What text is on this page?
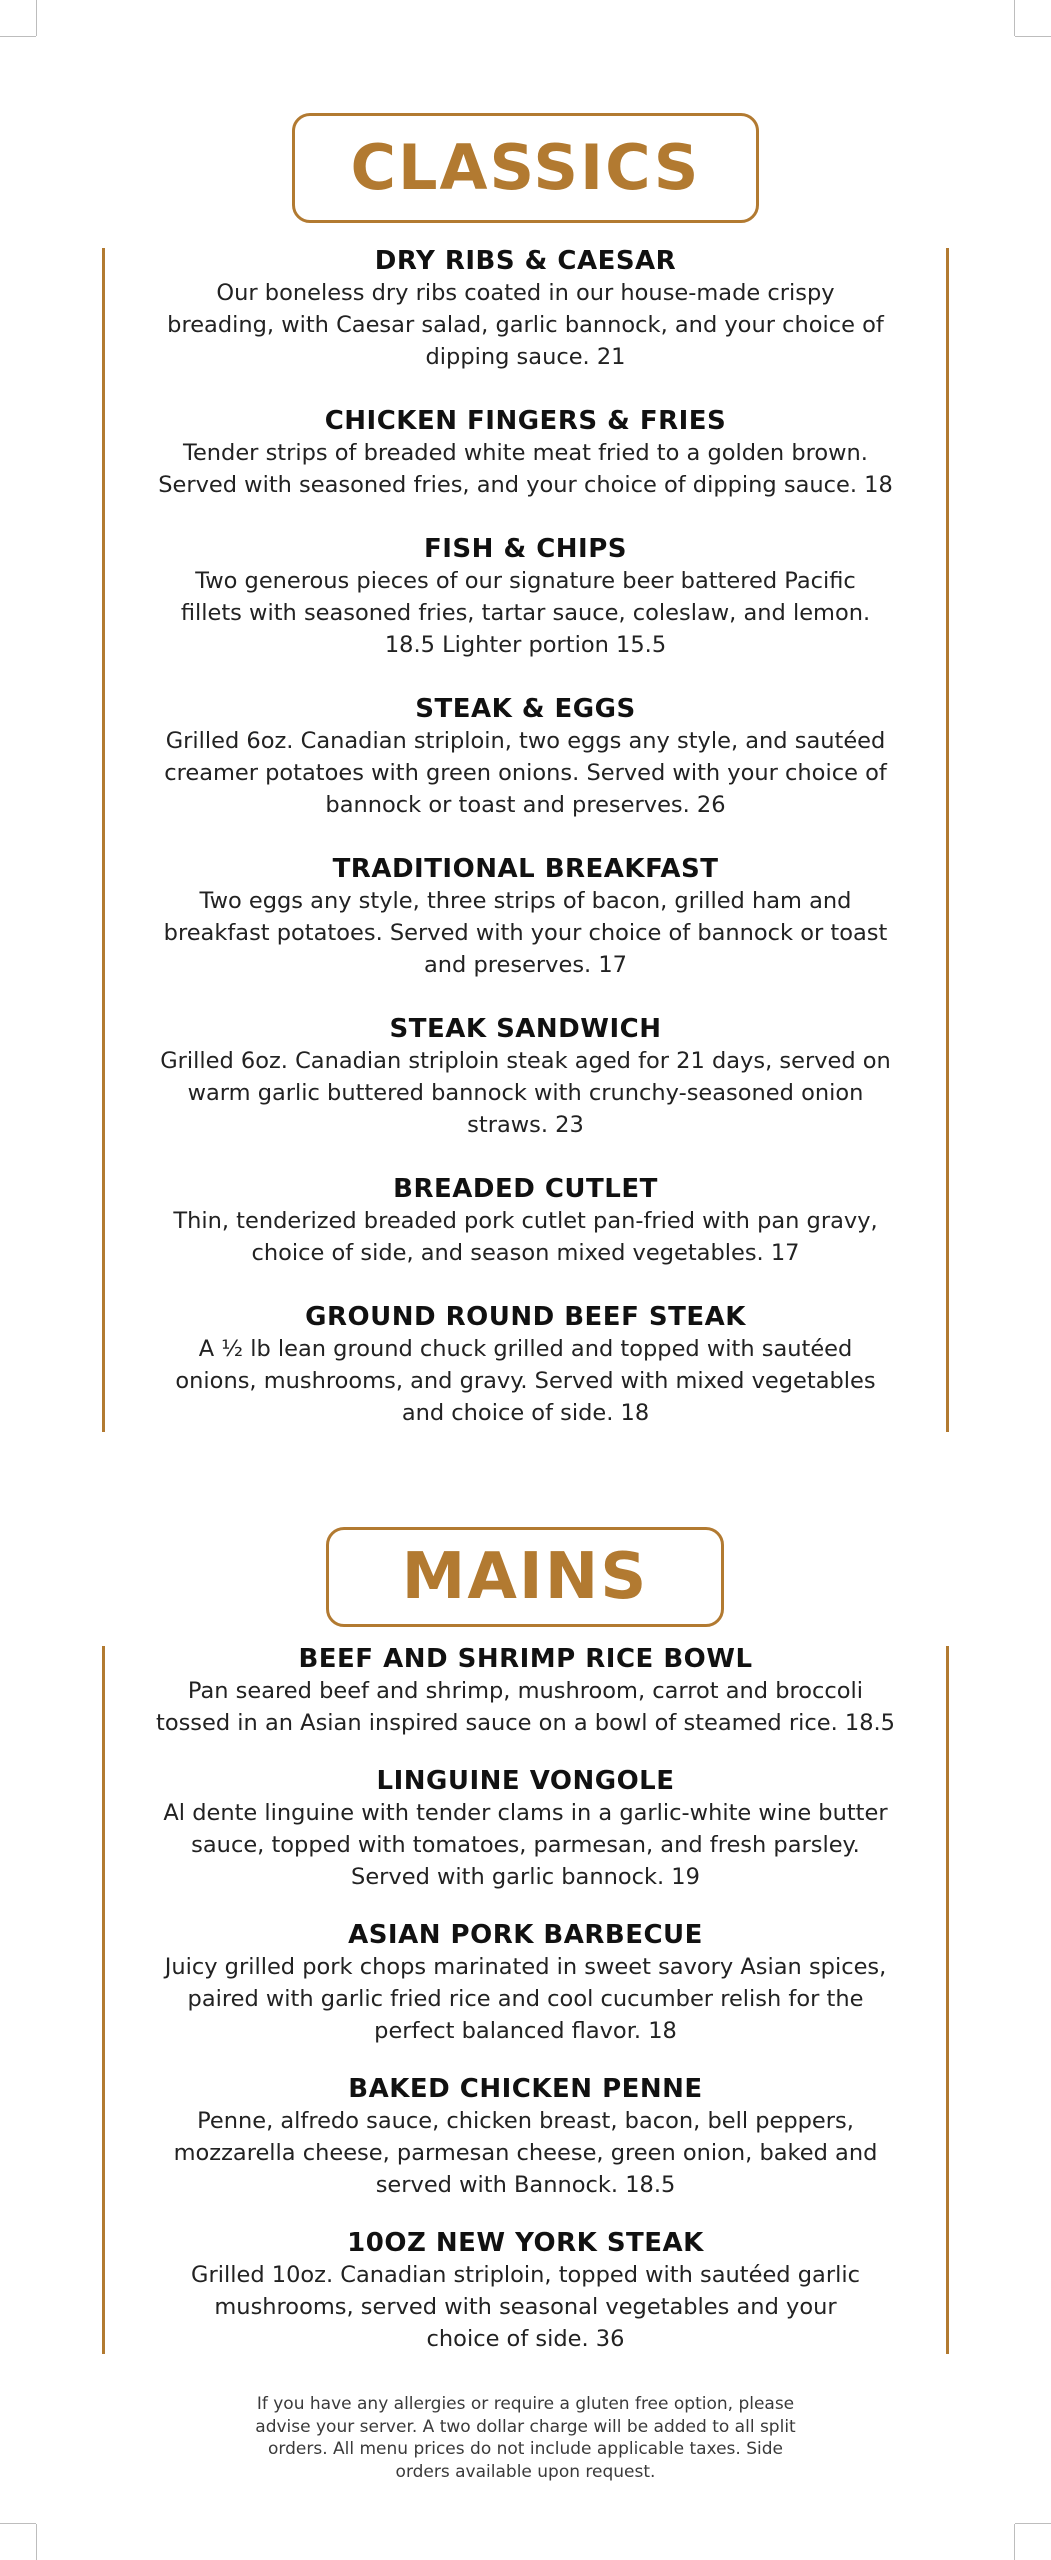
CLASSICS
DRY RIBS & CAESAR
Our boneless dry ribs coated in our house-made crispy
breading, with Caesar salad, garlic bannock, and your choice of
dipping sauce. 21
CHICKEN FINGERS & FRIES
Tender strips of breaded white meat fried to a golden brown.
Served with seasoned fries, and your choice of dipping sauce. 18
FISH & CHIPS
Two generous pieces of our signature beer battered Pacific
fillets with seasoned fries, tartar sauce, coleslaw, and lemon.
18.5 Lighter portion 15.5
STEAK & EGGS
Grilled 6oz. Canadian striploin, two eggs any style, and sautéed
creamer potatoes with green onions. Served with your choice of
bannock or toast and preserves. 26
TRADITIONAL BREAKFAST
Two eggs any style, three strips of bacon, grilled ham and
breakfast potatoes. Served with your choice of bannock or toast
and preserves. 17
STEAK SANDWICH
Grilled 6oz. Canadian striploin steak aged for 21 days, served on
warm garlic buttered bannock with crunchy-seasoned onion
straws. 23
BREADED CUTLET
Thin, tenderized breaded pork cutlet pan-fried with pan gravy,
choice of side, and season mixed vegetables. 17
GROUND ROUND BEEF STEAK
A ½ lb lean ground chuck grilled and topped with sautéed
onions, mushrooms, and gravy. Served with mixed vegetables
and choice of side. 18
MAINS
BEEF AND SHRIMP RICE BOWL
Pan seared beef and shrimp, mushroom, carrot and broccoli
tossed in an Asian inspired sauce on a bowl of steamed rice. 18.5
LINGUINE VONGOLE
Al dente linguine with tender clams in a garlic-white wine butter
sauce, topped with tomatoes, parmesan, and fresh parsley.
Served with garlic bannock. 19
ASIAN PORK BARBECUE
Juicy grilled pork chops marinated in sweet savory Asian spices,
paired with garlic fried rice and cool cucumber relish for the
perfect balanced flavor. 18
BAKED CHICKEN PENNE
Penne, alfredo sauce, chicken breast, bacon, bell peppers,
mozzarella cheese, parmesan cheese, green onion, baked and
served with Bannock. 18.5
10OZ NEW YORK STEAK
Grilled 10oz. Canadian striploin, topped with sautéed garlic
mushrooms, served with seasonal vegetables and your
choice of side. 36
If you have any allergies or require a gluten free option, please
advise your server. A two dollar charge will be added to all split
orders. All menu prices do not include applicable taxes. Side
orders available upon request.
